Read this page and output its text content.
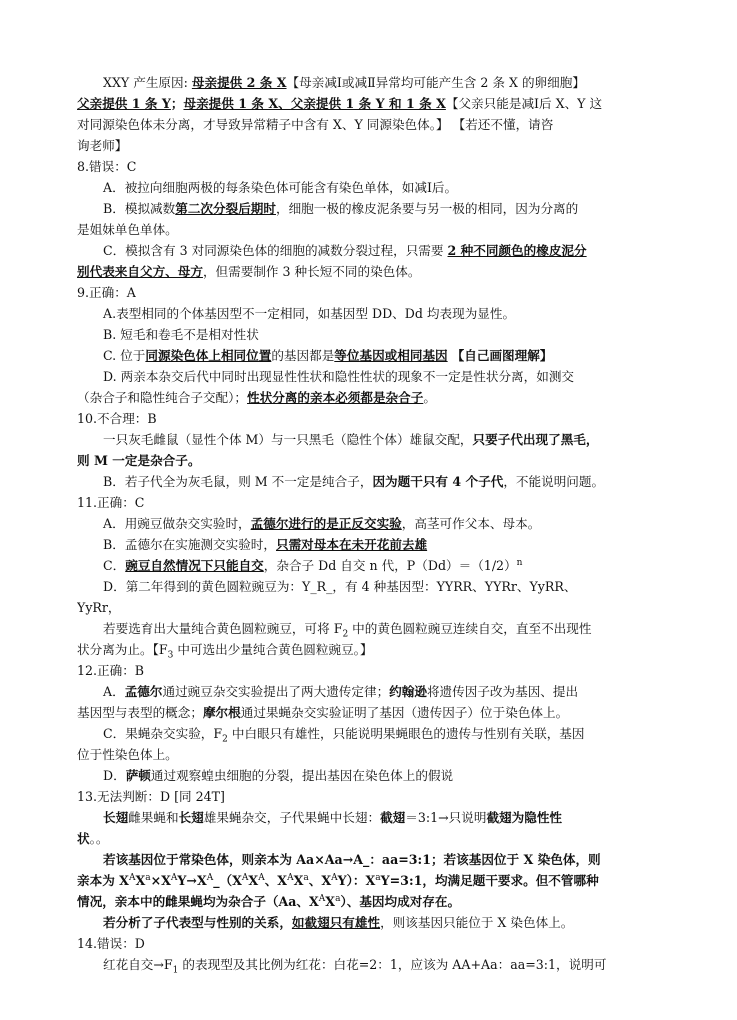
XXY 产生原因: 母亲提供 2 条 X【母亲减Ⅰ或减Ⅱ异常均可能产生含 2 条 X 的卵细胞】
父亲提供 1 条 Y；母亲提供 1 条 X、父亲提供 1 条 Y 和 1 条 X【父亲只能是减Ⅰ后 X、Y 这
对同源染色体未分离，才导致异常精子中含有 X、Y 同源染色体。】 【若还不懂，请咨
询老师】
8.错误：C
A．被拉向细胞两极的每条染色体可能含有染色单体，如减Ⅰ后。
B．模拟减数第二次分裂后期时，细胞一极的橡皮泥条要与另一极的相同，因为分离的
是姐妹单色单体。
C．模拟含有 3 对同源染色体的细胞的减数分裂过程，只需要 2 种不同颜色的橡皮泥分
别代表来自父方、母方，但需要制作 3 种长短不同的染色体。
9.正确：A
A.表型相同的个体基因型不一定相同，如基因型 DD、Dd 均表现为显性。
B. 短毛和卷毛不是相对性状
C. 位于同源染色体上相同位置的基因都是等位基因或相同基因 【自己画图理解】
D. 两亲本杂交后代中同时出现显性性状和隐性性状的现象不一定是性状分离，如测交
（杂合子和隐性纯合子交配）；性状分离的亲本必须都是杂合子。
10.不合理：B
一只灰毛雌鼠（显性个体 M）与一只黑毛（隐性个体）雄鼠交配，只要子代出现了黑毛，
则 M 一定是杂合子。
B．若子代全为灰毛鼠，则 M 不一定是纯合子，因为题干只有 4 个子代，不能说明问题。
11.正确：C
A．用豌豆做杂交实验时，孟德尔进行的是正反交实验，高茎可作父本、母本。
B．孟德尔在实施测交实验时，只需对母本在未开花前去雄
C．豌豆自然情况下只能自交，杂合子 Dd 自交 n 代，$P(Dd)=(1/2)^n$
D．第二年得到的黄色圆粒豌豆为：Y_R_，有 4 种基因型：YYRR、YYRr、YyRR、
YyRr，
若要选育出大量纯合黄色圆粒豌豆，可将 $F_2$ 中的黄色圆粒豌豆连续自交，直至不出现性
状分离为止。【$F_3$ 中可选出少量纯合黄色圆粒豌豆。】
12.正确：B
A．孟德尔通过豌豆杂交实验提出了两大遗传定律；约翰逊将遗传因子改为基因、提出
基因型与表型的概念；摩尔根通过果蝇杂交实验证明了基因（遗传因子）位于染色体上。
C．果蝇杂交实验，$F_2$ 中白眼只有雄性，只能说明果蝇眼色的遗传与性别有关联，基因
位于性染色体上。
D．萨顿通过观察蝗虫细胞的分裂，提出基因在染色体上的假说
13.无法判断：D [同 24T]
长翅雌果蝇和长翅雄果蝇杂交，子代果蝇中长翅：截翅＝3:1→只说明截翅为隐性性
状。。
若该基因位于常染色体，则亲本为 Aa×Aa→A_：aa=3:1；若该基因位于 X 染色体，则
亲本为 $X^AX^a\times X^AY\to X^A\_(X^AX^A$、$X^AX^a$、$X^AY$）：$X^aY=3:1$，均满足题干要求。但不管哪种
情况，亲本中的雌果蝇均为杂合子（Aa、$X^AX^a$）、基因均成对存在。
若分析了子代表型与性别的关系，如截翅只有雄性，则该基因只能位于 X 染色体上。
14.错误：D
红花自交$\to F_1$ 的表现型及其比例为红花：白花=2：1，应该为 AA+Aa：aa=3:1，说明可
